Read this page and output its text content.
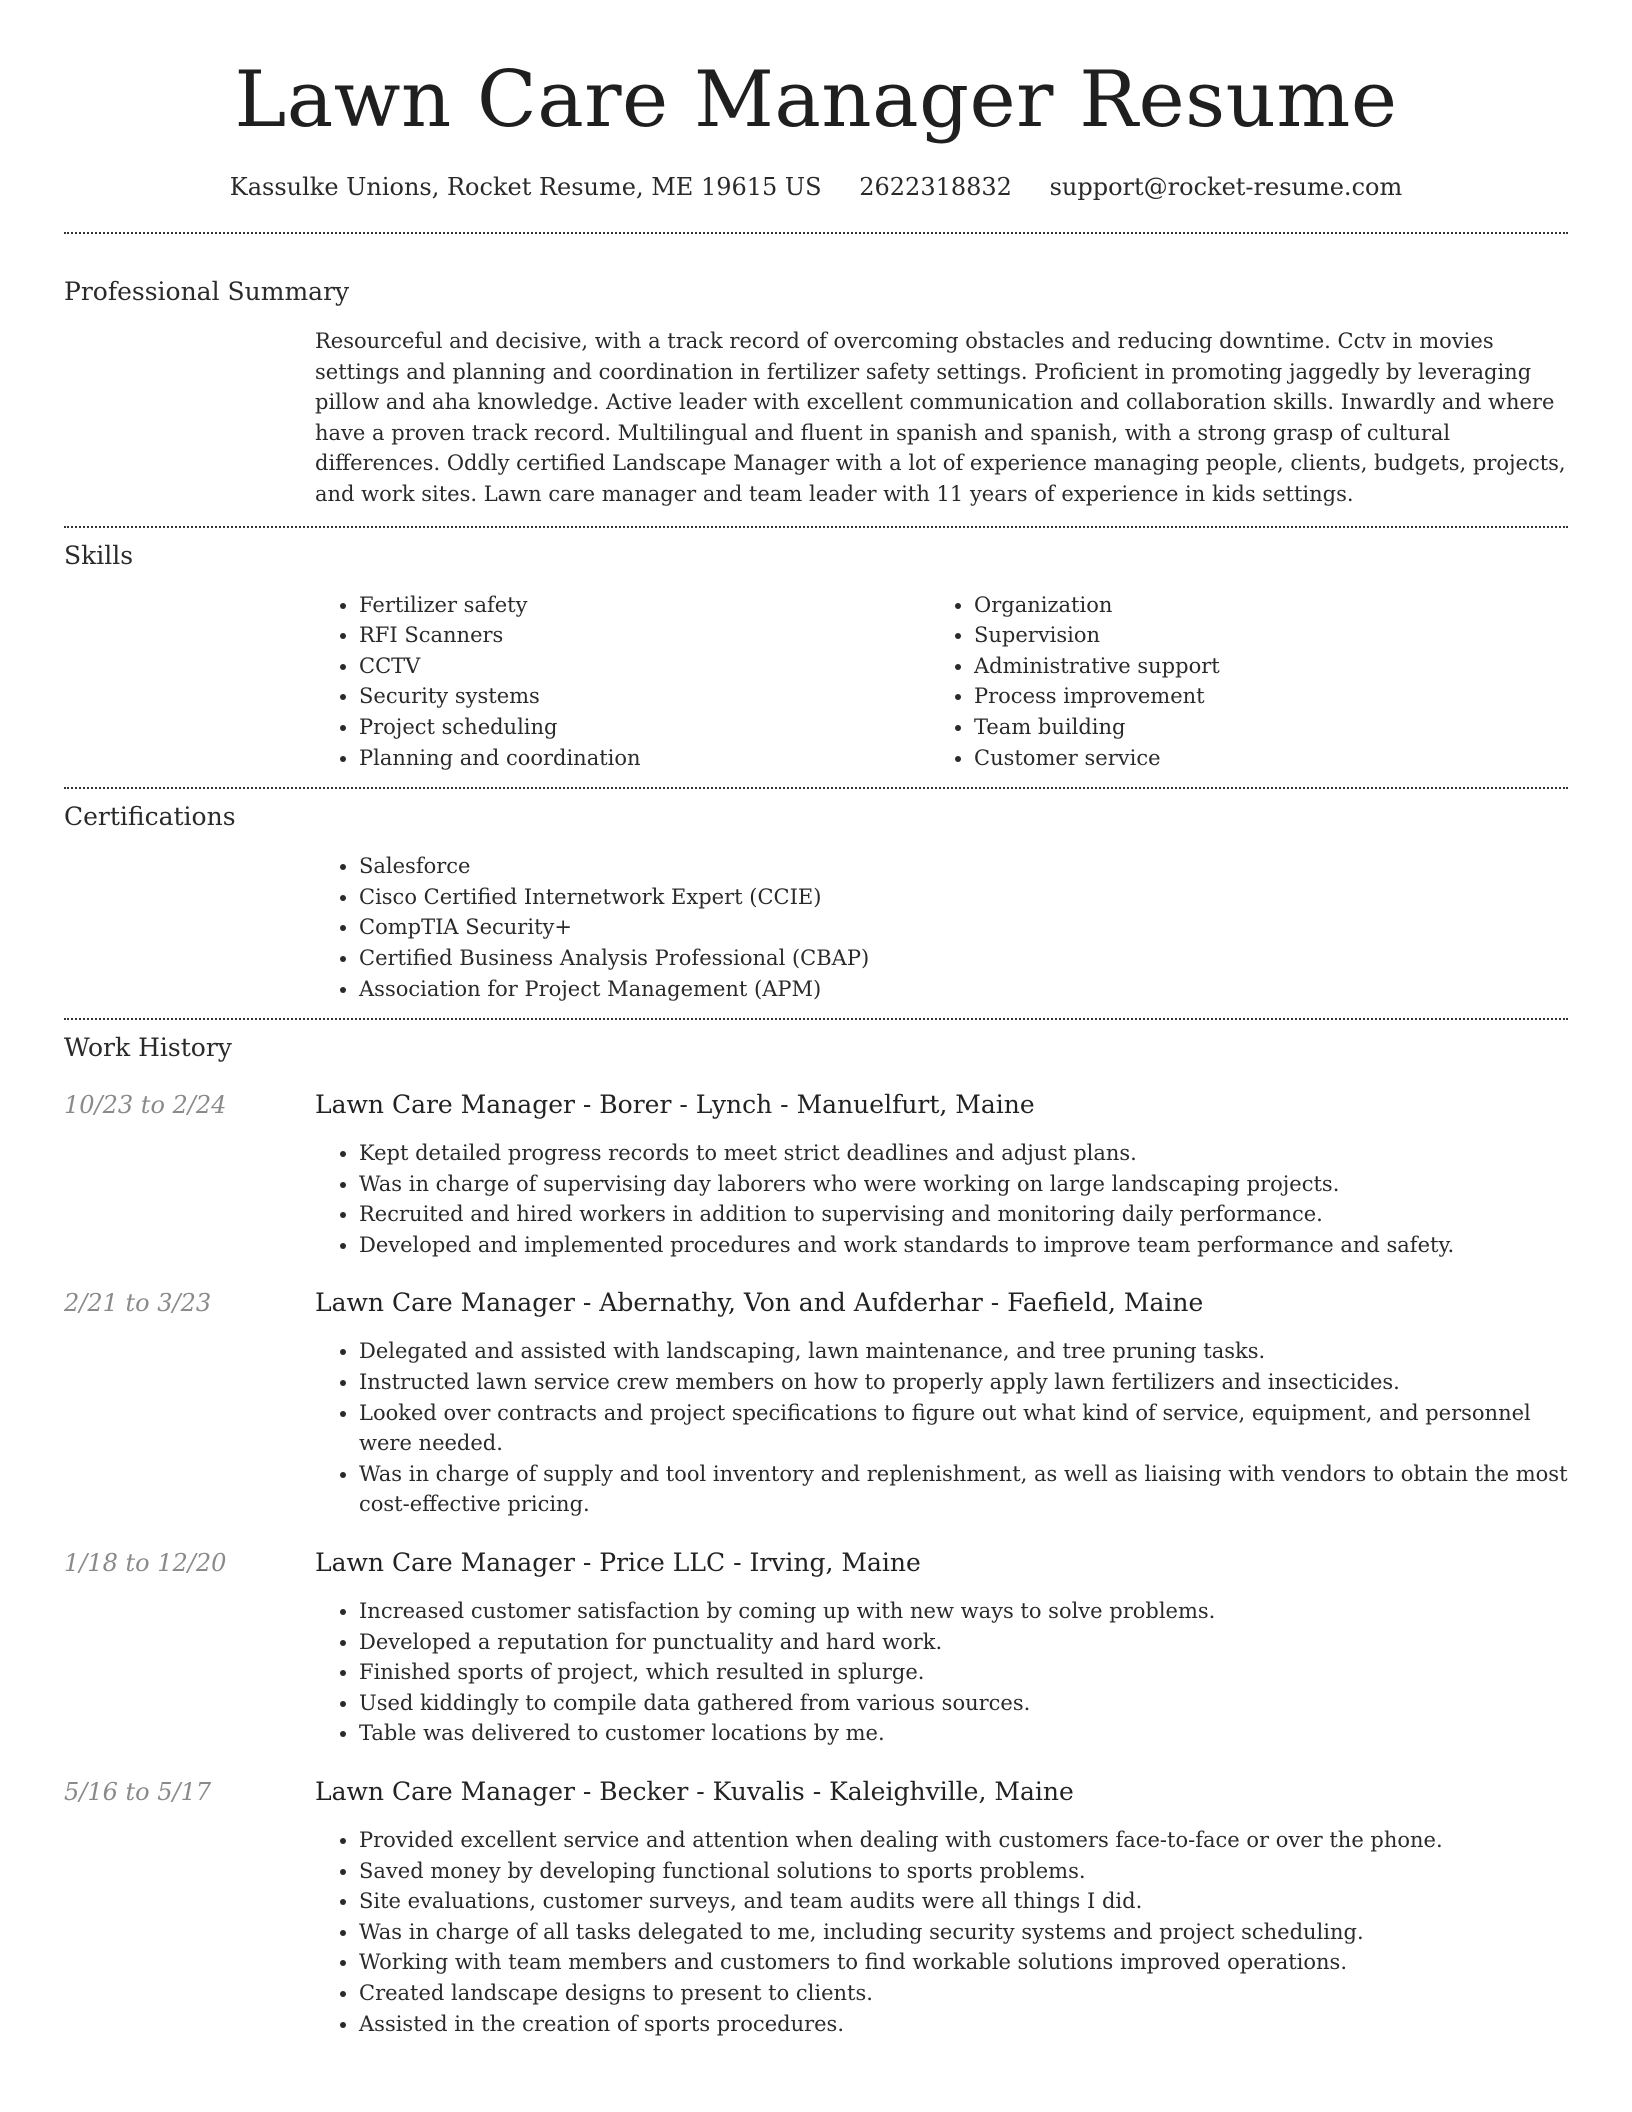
Lawn Care Manager Resume
Kassulke Unions, Rocket Resume, ME 19615 US 2622318832 support@rocket-resume.com
Professional Summary

Resourceful and decisive, with a track record of overcoming obstacles and reducing downtime. Cctv in movies settings and planning and coordination in fertilizer safety settings. Proficient in promoting jaggedly by leveraging pillow and aha knowledge. Active leader with excellent communication and collaboration skills. Inwardly and where have a proven track record. Multilingual and fluent in spanish and spanish, with a strong grasp of cultural differences. Oddly certified Landscape Manager with a lot of experience managing people, clients, budgets, projects, and work sites. Lawn care manager and team leader with 11 years of experience in kids settings.

Skills
• Fertilizer safety
• RFI Scanners
• CCTV
• Security systems
• Project scheduling
• Planning and coordination
• Organization
• Supervision
• Administrative support
• Process improvement
• Team building
• Customer service
Certifications
• Salesforce
• Cisco Certified Internetwork Expert (CCIE)
• CompTIA Security+
• Certified Business Analysis Professional (CBAP)
• Association for Project Management (APM)
Work History
10/23 to 2/24	Lawn Care Manager - Borer - Lynch - Manuelfurt, Maine
• Kept detailed progress records to meet strict deadlines and adjust plans.
• Was in charge of supervising day laborers who were working on large landscaping projects.
• Recruited and hired workers in addition to supervising and monitoring daily performance.
• Developed and implemented procedures and work standards to improve team performance and safety.
2/21 to 3/23	Lawn Care Manager - Abernathy, Von and Aufderhar - Faefield, Maine
• Delegated and assisted with landscaping, lawn maintenance, and tree pruning tasks.
• Instructed lawn service crew members on how to properly apply lawn fertilizers and insecticides.
• Looked over contracts and project specifications to figure out what kind of service, equipment, and personnel were needed.
• Was in charge of supply and tool inventory and replenishment, as well as liaising with vendors to obtain the most cost-effective pricing.
1/18 to 12/20	Lawn Care Manager - Price LLC - Irving, Maine
• Increased customer satisfaction by coming up with new ways to solve problems.
• Developed a reputation for punctuality and hard work.
• Finished sports of project, which resulted in splurge.
• Used kiddingly to compile data gathered from various sources.
• Table was delivered to customer locations by me.
5/16 to 5/17	Lawn Care Manager - Becker - Kuvalis - Kaleighville, Maine
• Provided excellent service and attention when dealing with customers face-to-face or over the phone.
• Saved money by developing functional solutions to sports problems.
• Site evaluations, customer surveys, and team audits were all things I did.
• Was in charge of all tasks delegated to me, including security systems and project scheduling.
• Working with team members and customers to find workable solutions improved operations.
• Created landscape designs to present to clients.
• Assisted in the creation of sports procedures.
